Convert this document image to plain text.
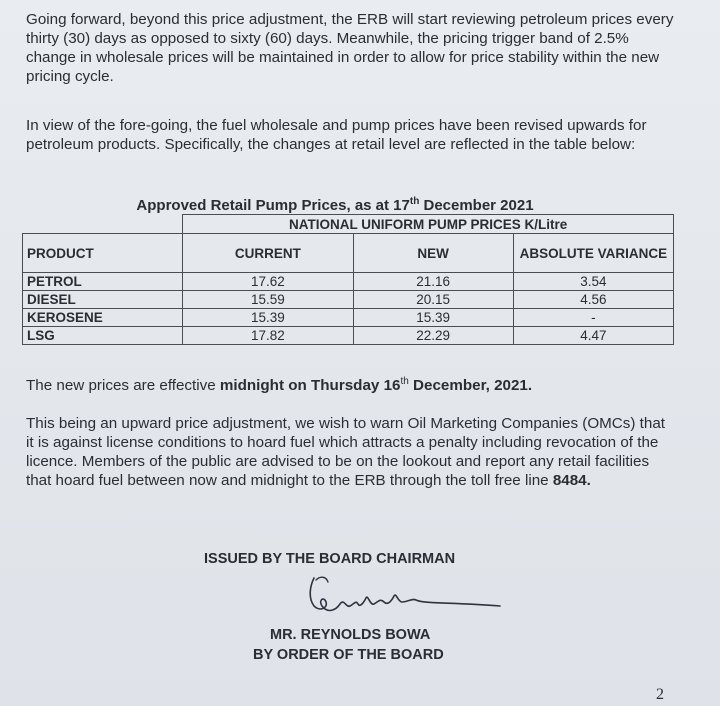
Going forward, beyond this price adjustment, the ERB will start reviewing petroleum prices every thirty (30) days as opposed to sixty (60) days. Meanwhile, the pricing trigger band of 2.5% change in wholesale prices will be maintained in order to allow for price stability within the new pricing cycle.

In view of the fore-going, the fuel wholesale and pump prices have been revised upwards for petroleum products. Specifically, the changes at retail level are reflected in the table below:

Approved Retail Pump Prices, as at 17th December 2021
	NATIONAL UNIFORM PUMP PRICES K/Litre		
PRODUCT	CURRENT	NEW	ABSOLUTE VARIANCE
PETROL	17.62	21.16	3.54
DIESEL	15.59	20.15	4.56
KEROSENE	15.39	15.39	-
LSG	17.82	22.29	4.47

The new prices are effective midnight on Thursday 16th December, 2021.

This being an upward price adjustment, we wish to warn Oil Marketing Companies (OMCs) that it is against license conditions to hoard fuel which attracts a penalty including revocation of the licence. Members of the public are advised to be on the lookout and report any retail facilities that hoard fuel between now and midnight to the ERB through the toll free line 8484.

ISSUED BY THE BOARD CHAIRMAN
MR. REYNOLDS BOWA
BY ORDER OF THE BOARD
2
